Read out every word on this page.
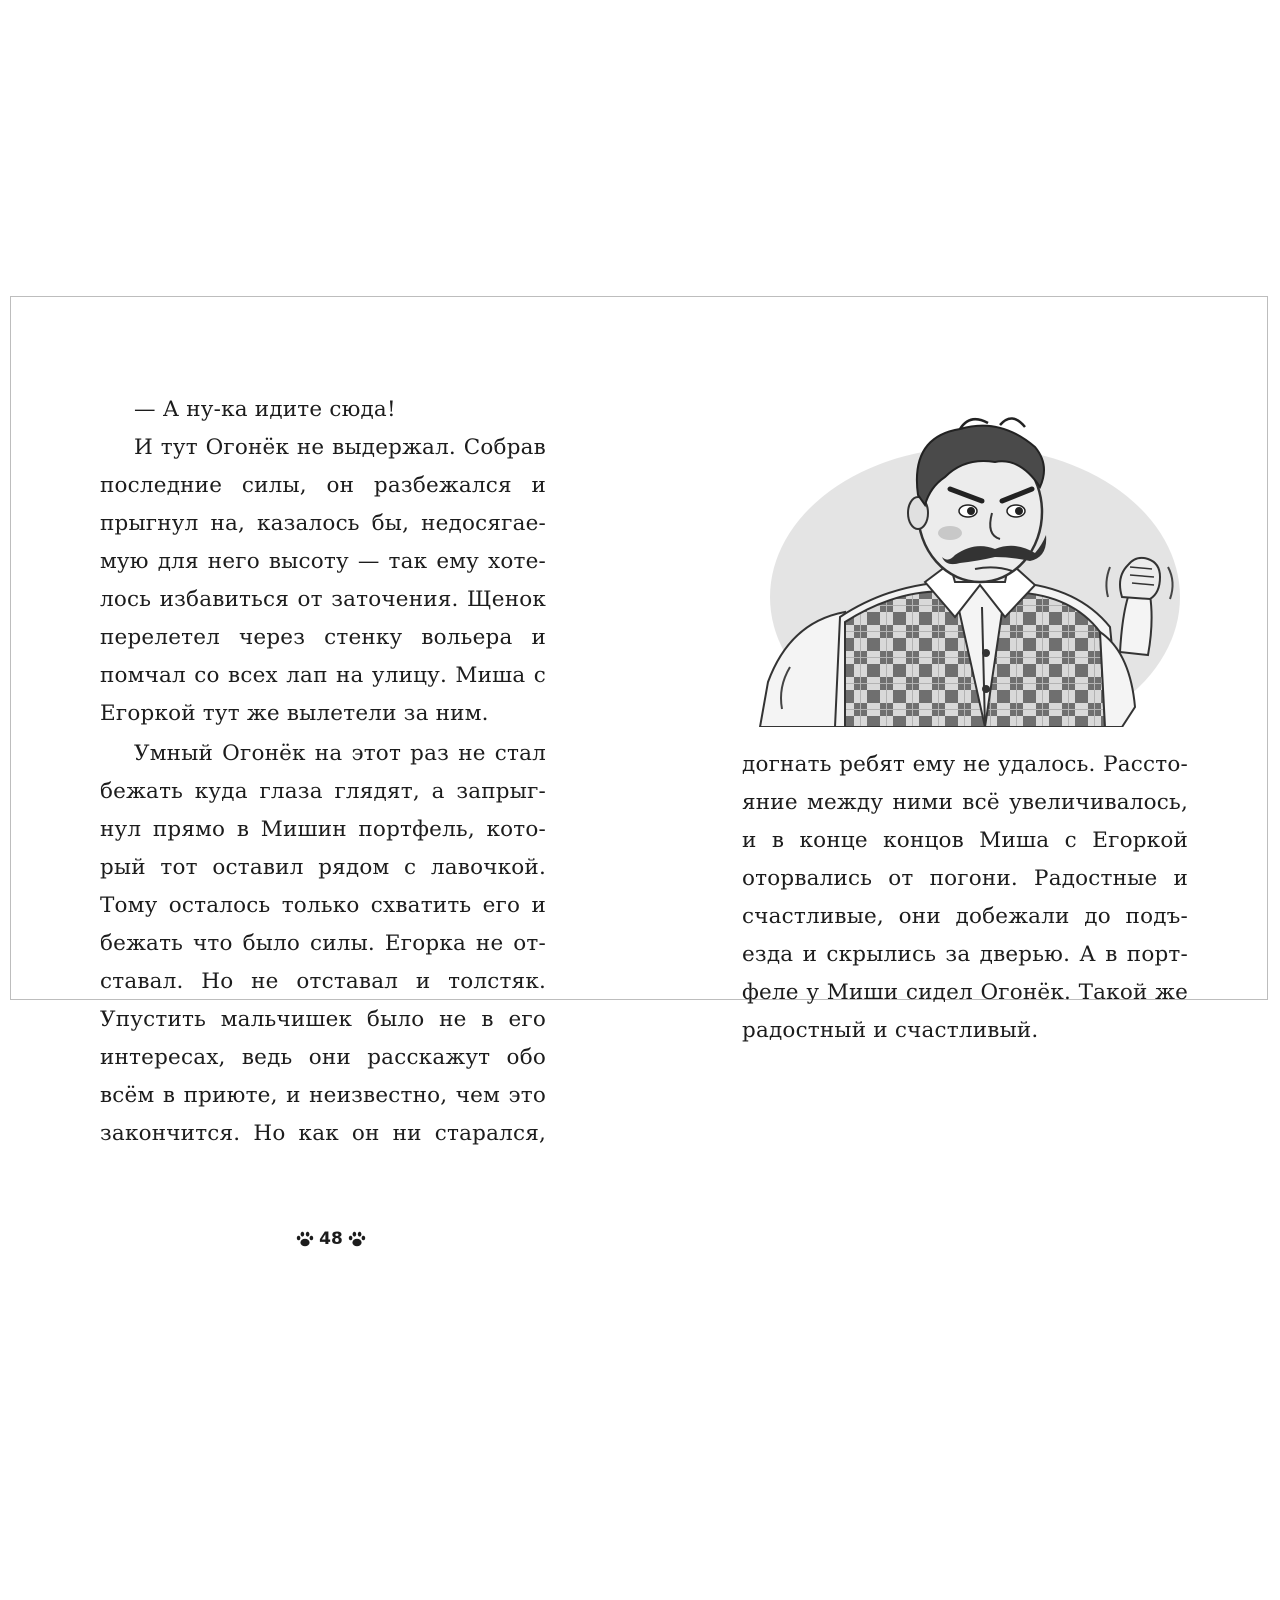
— А ну-ка идите сюда!
И тут Огонёк не выдержал. Собрав
последние силы, он разбежался и
прыгнул на, казалось бы, недосягае-
мую для него высоту — так ему хоте-
лось избавиться от заточения. Щенок
перелетел через стенку вольера и
помчал со всех лап на улицу. Миша с
Егоркой тут же вылетели за ним.
Умный Огонёк на этот раз не стал
бежать куда глаза глядят, а запрыг-
нул прямо в Мишин портфель, кото-
рый тот оставил рядом с лавочкой.
Тому осталось только схватить его и
бежать что было силы. Егорка не от-
ставал. Но не отставал и толстяк.
Упустить мальчишек было не в его
интересах, ведь они расскажут обо
всём в приюте, и неизвестно, чем это
закончится. Но как он ни старался,
48
догнать ребят ему не удалось. Рассто-
яние между ними всё увеличивалось,
и в конце концов Миша с Егоркой
оторвались от погони. Радостные и
счастливые, они добежали до подъ-
езда и скрылись за дверью. А в порт-
феле у Миши сидел Огонёк. Такой же
радостный и счастливый.
